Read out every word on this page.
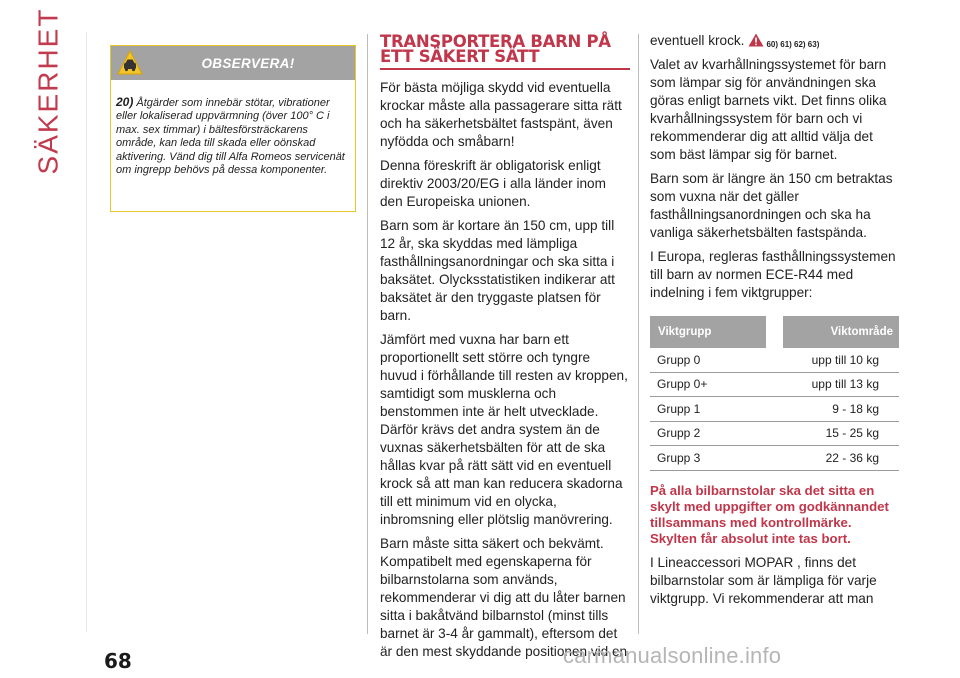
SÄKERHET	OBSERVERA!
20) Åtgärder som innebär stötar, vibrationer eller lokaliserad uppvärmning (över 100° C i max. sex timmar) i bältesförsträckarens område, kan leda till skada eller oönskad aktivering. Vänd dig till Alfa Romeos servicenät om ingrepp behövs på dessa komponenter.
TRANSPORTERA BARN PÅ ETT SÄKERT SÄTT

För bästa möjliga skydd vid eventuella krockar måste alla passagerare sitta rätt och ha säkerhetsbältet fastspänt, även nyfödda och småbarn!

Denna föreskrift är obligatorisk enligt direktiv 2003/20/EG i alla länder inom den Europeiska unionen.

Barn som är kortare än 150 cm, upp till 12 år, ska skyddas med lämpliga fasthållningsanordningar och ska sitta i baksätet. Olycksstatistiken indikerar att baksätet är den tryggaste platsen för barn.

Jämfört med vuxna har barn ett proportionellt sett större och tyngre huvud i förhållande till resten av kroppen, samtidigt som musklerna och benstommen inte är helt utvecklade. Därför krävs det andra system än de vuxnas säkerhetsbälten för att de ska hållas kvar på rätt sätt vid en eventuell krock så att man kan reducera skadorna till ett minimum vid en olycka, inbromsning eller plötslig manövrering.

Barn måste sitta säkert och bekvämt. Kompatibelt med egenskaperna för bilbarnstolarna som används, rekommenderar vi dig att du låter barnen sitta i bakåtvänd bilbarnstol (minst tills barnet är 3-4 år gammalt), eftersom det är den mest skyddande positionen vid en

eventuell krock.	$^{60) 61) 62) 63)}$

Valet av kvarhållningssystemet för barn som lämpar sig för användningen ska göras enligt barnets vikt. Det finns olika kvarhållningssystem för barn och vi rekommenderar dig att alltid välja det som bäst lämpar sig för barnet.

Barn som är längre än 150 cm betraktas som vuxna när det gäller fasthållningsanordningen och ska ha vanliga säkerhetsbälten fastspända.

I Europa, regleras fasthållningssystemen till barn av normen ECE-R44 med indelning i fem viktgrupper:

Viktgrupp	Viktområde
Grupp 0	upp till 10 kg
Grupp 0+	upp till 13 kg
Grupp 1	9 - 18 kg
Grupp 2	15 - 25 kg
Grupp 3	22 - 36 kg

På alla bilbarnstolar ska det sitta en skylt med uppgifter om godkännandet tillsammans med kontrollmärke. Skylten får absolut inte tas bort.

I Lineaccessori MOPAR , finns det bilbarnstolar som är lämpliga för varje viktgrupp. Vi rekommenderar att man

68	carmanualsonline.info
